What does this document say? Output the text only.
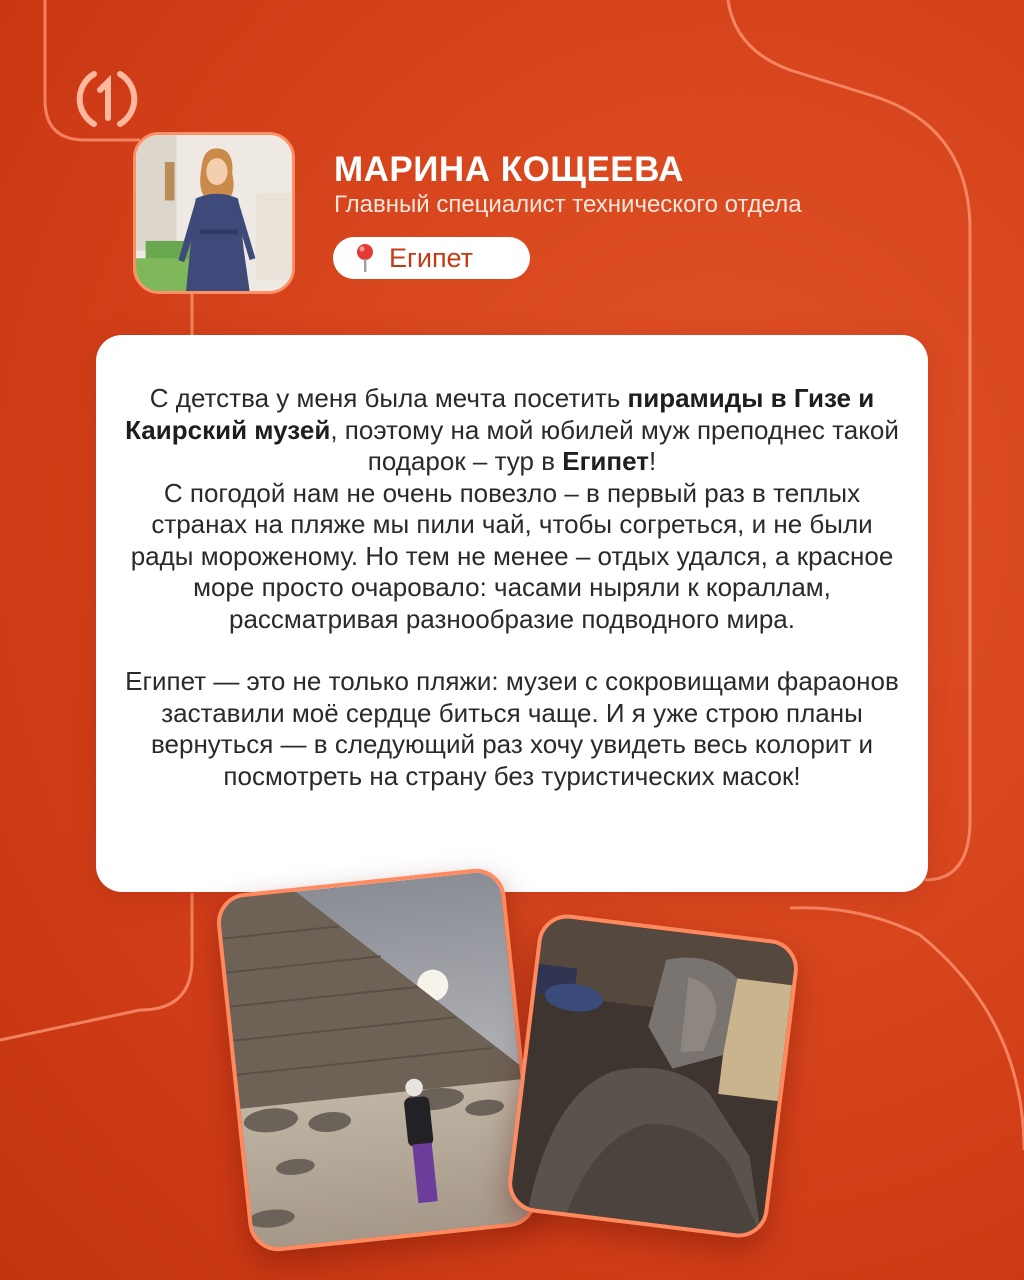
МАРИНА КОЩЕЕВА

Главный специалист технического отдела

Египет

С детства у меня была мечта посетить пирамиды в Гизе и Каирский музей, поэтому на мой юбилей муж преподнес такой подарок – тур в Египет!
С погодой нам не очень повезло – в первый раз в теплых странах на пляже мы пили чай, чтобы согреться, и не были рады мороженому. Но тем не менее – отдых удался, а красное море просто очаровало: часами ныряли к кораллам, рассматривая разнообразие подводного мира.

Египет — это не только пляжи: музеи с сокровищами фараонов заставили моё сердце биться чаще. И я уже строю планы вернуться — в следующий раз хочу увидеть весь колорит и посмотреть на страну без туристических масок!
